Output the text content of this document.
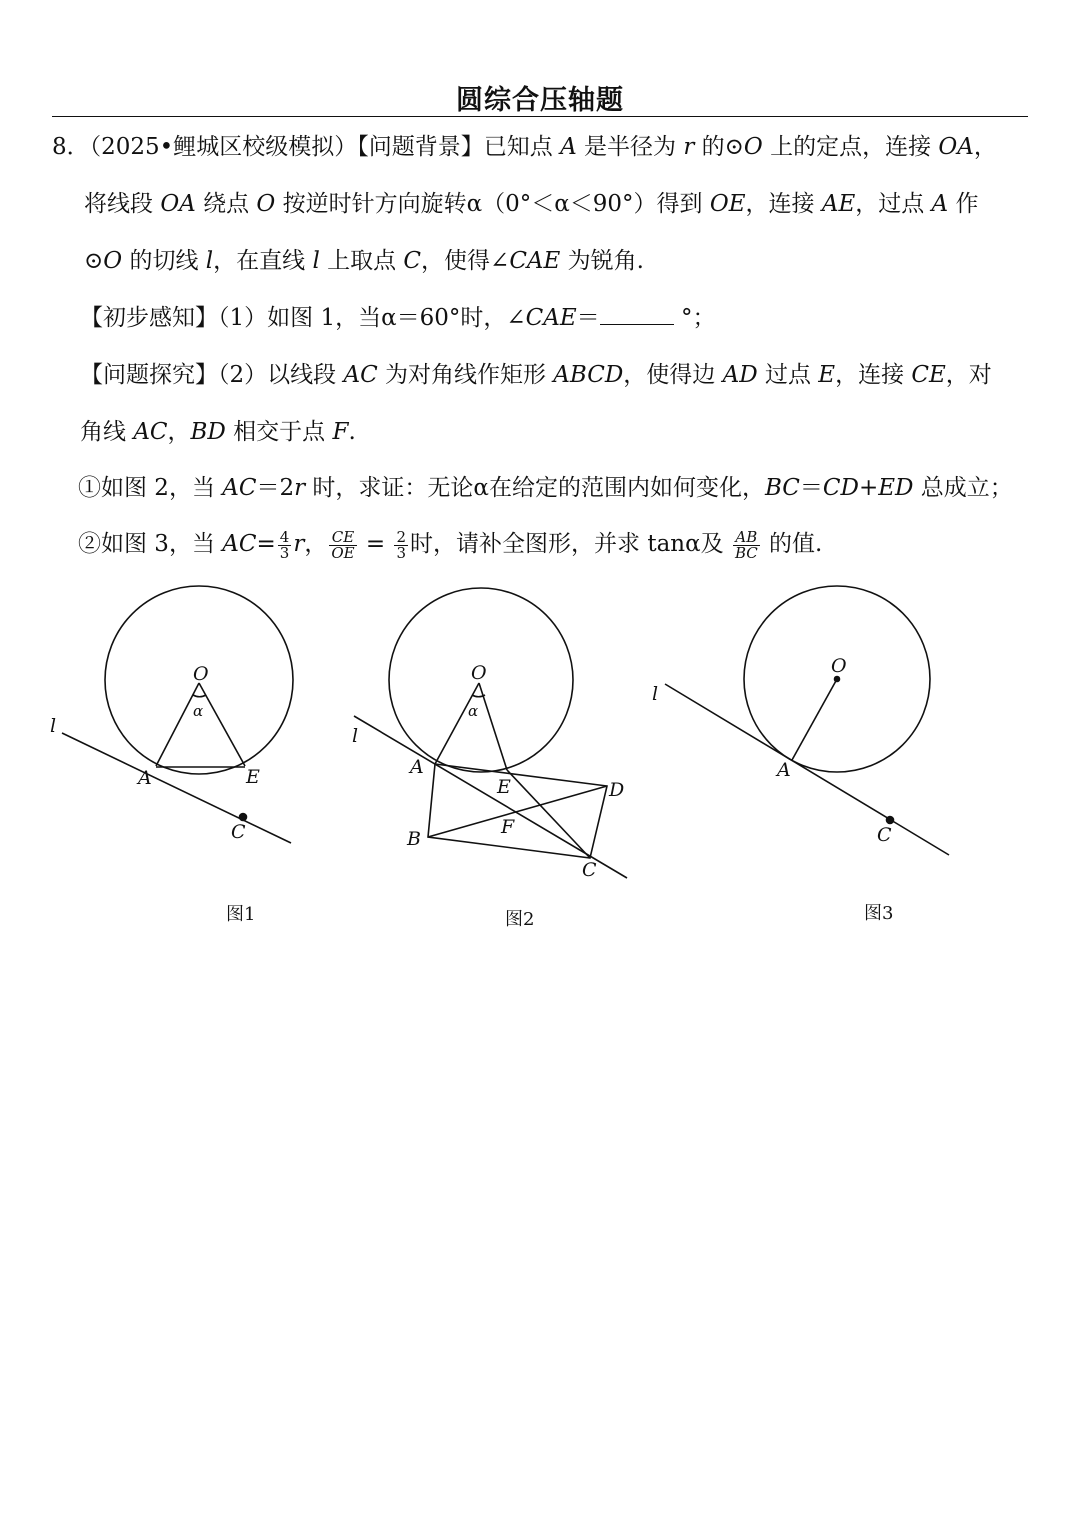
圆综合压轴题
8．（2025•鲤城区校级模拟）【问题背景】已知点 A 是半径为 r 的⊙O 上的定点，连接 OA，
将线段 OA 绕点 O 按逆时针方向旋转α（0°＜α＜90°）得到 OE，连接 AE，过点 A 作
⊙O 的切线 l，在直线 l 上取点 C，使得∠CAE 为锐角.
【初步感知】（1）如图 1，当α＝60°时，∠CAE＝	°；
【问题探究】（2）以线段 AC 为对角线作矩形 ABCD，使得边 AD 过点 E，连接 CE，对
角线 AC，BD 相交于点 F.
①如图 2，当 AC＝2r 时，求证：无论α在给定的范围内如何变化，BC＝CD+ED 总成立；
②如图 3，当 $AC= \frac{4}{3}$ r， $\frac{CE}{OE} = \frac{2}{3}$ 时，请补全图形，并求 tanα及 $\frac{AB}{BC}$ 的值.
O
α
A	E
C
l
O
α
A
E	D
F
B
C
l
O
A
C
l
图1	图2	图3
